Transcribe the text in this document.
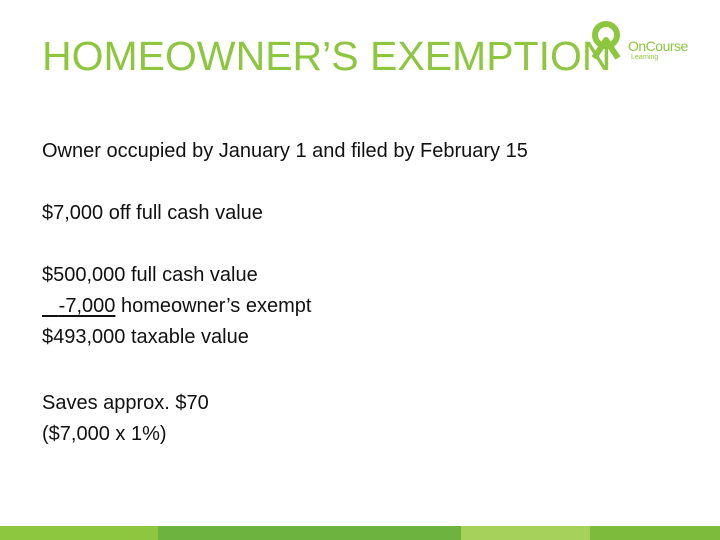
HOMEOWNER’S EXEMPTION OnCourse
Learning
Owner occupied by January 1 and filed by February 15
$7,000 off full cash value
$500,000 full cash value
-7,000 homeowner’s exempt
$493,000 taxable value
Saves approx. $70
($7,000 x 1%)
